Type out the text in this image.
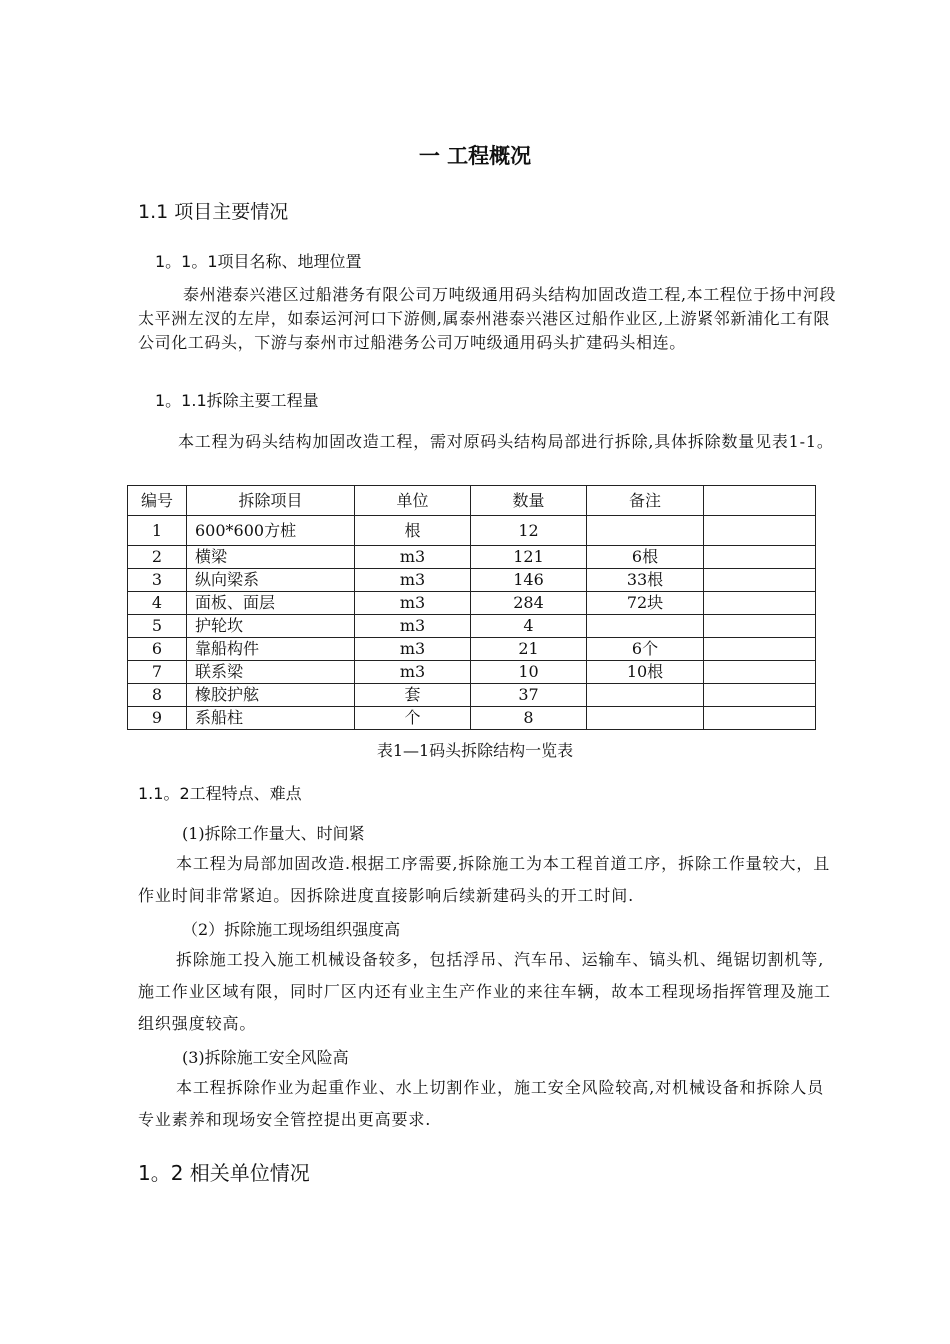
一 工程概况
1.1 项目主要情况
1。1。1项目名称、地理位置
泰州港泰兴港区过船港务有限公司万吨级通用码头结构加固改造工程,本工程位于扬中河段太平洲左汊的左岸，如泰运河河口下游侧,属泰州港泰兴港区过船作业区,上游紧邻新浦化工有限公司化工码头，下游与泰州市过船港务公司万吨级通用码头扩建码头相连。
1。1.1拆除主要工程量
本工程为码头结构加固改造工程，需对原码头结构局部进行拆除,具体拆除数量见表1-1。
编号	拆除项目	单位	数量	备注	
1	600*600方桩	根	12		
2	横梁	m3	121	6根	
3	纵向梁系	m3	146	33根	
4	面板、面层	m3	284	72块	
5	护轮坎	m3	4		
6	靠船构件	m3	21	6个	
7	联系梁	m3	10	10根	
8	橡胶护舷	套	37		
9	系船柱	个	8		
表1—1码头拆除结构一览表
1.1。2工程特点、难点
(1)拆除工作量大、时间紧
本工程为局部加固改造.根据工序需要,拆除施工为本工程首道工序，拆除工作量较大，且作业时间非常紧迫。因拆除进度直接影响后续新建码头的开工时间.
（2）拆除施工现场组织强度高
拆除施工投入施工机械设备较多，包括浮吊、汽车吊、运输车、镐头机、绳锯切割机等,施工作业区域有限，同时厂区内还有业主生产作业的来往车辆，故本工程现场指挥管理及施工组织强度较高。
(3)拆除施工安全风险高
本工程拆除作业为起重作业、水上切割作业，施工安全风险较高,对机械设备和拆除人员专业素养和现场安全管控提出更高要求.
1。2 相关单位情况
